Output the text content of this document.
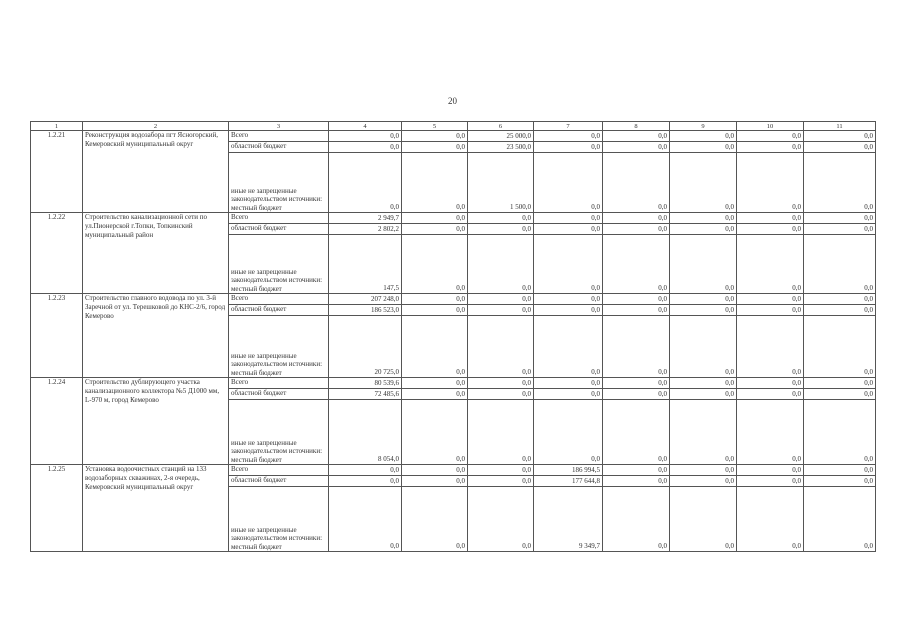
20
1	2	3	4	5	6	7	8	9	10	11
1.2.21	Реконструкция водозабора пгт Ясногорский, Кемеровский муниципальный округ	Всего	0,0	0,0	25 000,0	0,0	0,0	0,0	0,0	0,0
		областной бюджет	0,0	0,0	23 500,0	0,0	0,0	0,0	0,0	0,0
		иные не запрещенные законодательством источники: местный бюджет	0,0	0,0	1 500,0	0,0	0,0	0,0	0,0	0,0
1.2.22	Строительство канализационной сети по ул.Пионерской г.Топки, Топкинский муниципальный район	Всего	2 949,7	0,0	0,0	0,0	0,0	0,0	0,0	0,0
		областной бюджет	2 802,2	0,0	0,0	0,0	0,0	0,0	0,0	0,0
		иные не запрещенные законодательством источники: местный бюджет	147,5	0,0	0,0	0,0	0,0	0,0	0,0	0,0
1.2.23	Строительство главного водовода по ул. 3-й Заречной от ул. Терешковой до КНС-2/6, город Кемерово	Всего	207 248,0	0,0	0,0	0,0	0,0	0,0	0,0	0,0
		областной бюджет	186 523,0	0,0	0,0	0,0	0,0	0,0	0,0	0,0
		иные не запрещенные законодательством источники: местный бюджет	20 725,0	0,0	0,0	0,0	0,0	0,0	0,0	0,0
1.2.24	Строительство дублирующего участка канализационного коллектора №5 Д1000 мм, L-970 м, город Кемерово	Всего	80 539,6	0,0	0,0	0,0	0,0	0,0	0,0	0,0
		областной бюджет	72 485,6	0,0	0,0	0,0	0,0	0,0	0,0	0,0
		иные не запрещенные законодательством источники: местный бюджет	8 054,0	0,0	0,0	0,0	0,0	0,0	0,0	0,0
1.2.25	Установка водоочистных станций на 133 водозаборных скважинах, 2-я очередь, Кемеровский муниципальный округ	Всего	0,0	0,0	0,0	186 994,5	0,0	0,0	0,0	0,0
		областной бюджет	0,0	0,0	0,0	177 644,8	0,0	0,0	0,0	0,0
		иные не запрещенные законодательством источники: местный бюджет	0,0	0,0	0,0	9 349,7	0,0	0,0	0,0	0,0
